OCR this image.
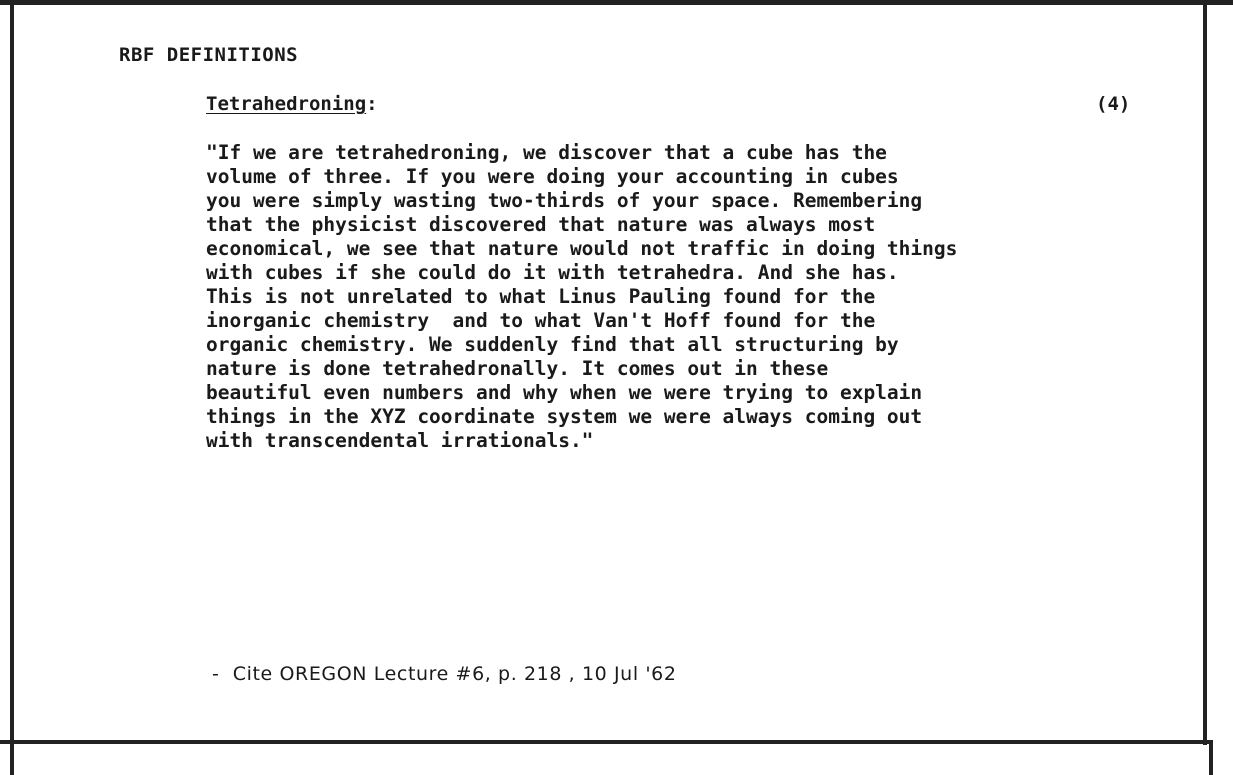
RBF DEFINITIONS
Tetrahedroning:	(4)
"If we are tetrahedroning, we discover that a cube has the
volume of three. If you were doing your accounting in cubes
you were simply wasting two-thirds of your space. Remembering
that the physicist discovered that nature was always most
economical, we see that nature would not traffic in doing things
with cubes if she could do it with tetrahedra. And she has.
This is not unrelated to what Linus Pauling found for the
inorganic chemistry  and to what Van't Hoff found for the
organic chemistry. We suddenly find that all structuring by
nature is done tetrahedronally. It comes out in these
beautiful even numbers and why when we were trying to explain
things in the XYZ coordinate system we were always coming out
with transcendental irrationals."
-  Cite OREGON Lecture #6, p. 218 , 10 Jul '62
